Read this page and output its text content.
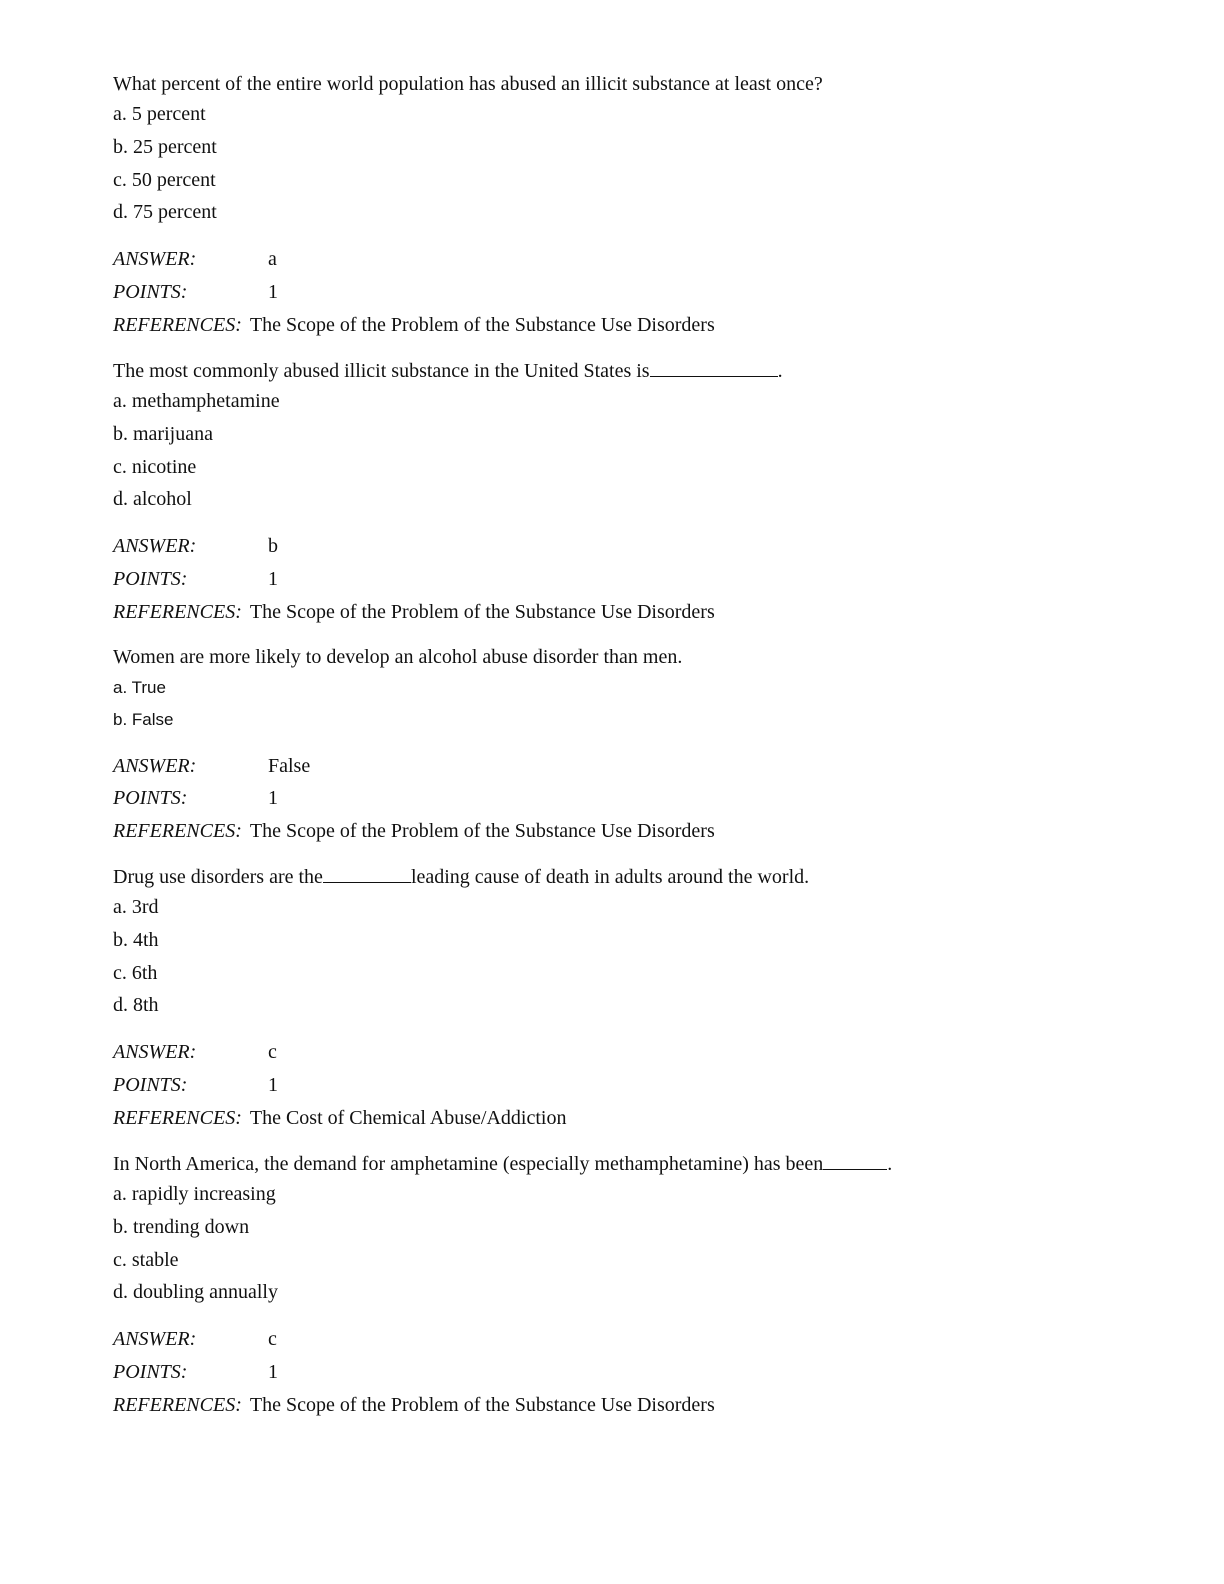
What percent of the entire world population has abused an illicit substance at least once?
a. 5 percent
b. 25 percent
c. 50 percent
d. 75 percent
ANSWER:	a
POINTS:	1
REFERENCES: The Scope of the Problem of the Substance Use Disorders
The most commonly abused illicit substance in the United States is	.
a. methamphetamine
b. marijuana
c. nicotine
d. alcohol
ANSWER:	b
POINTS:	1
REFERENCES: The Scope of the Problem of the Substance Use Disorders
Women are more likely to develop an alcohol abuse disorder than men.
a. True
b. False
ANSWER:	False
POINTS:	1
REFERENCES: The Scope of the Problem of the Substance Use Disorders
Drug use disorders are the	leading cause of death in adults around the world.
a. 3rd
b. 4th
c. 6th
d. 8th
ANSWER:	c
POINTS:	1
REFERENCES: The Cost of Chemical Abuse/Addiction
In North America, the demand for amphetamine (especially methamphetamine) has been	.
a. rapidly increasing
b. trending down
c. stable
d. doubling annually
ANSWER:	c
POINTS:	1
REFERENCES: The Scope of the Problem of the Substance Use Disorders
